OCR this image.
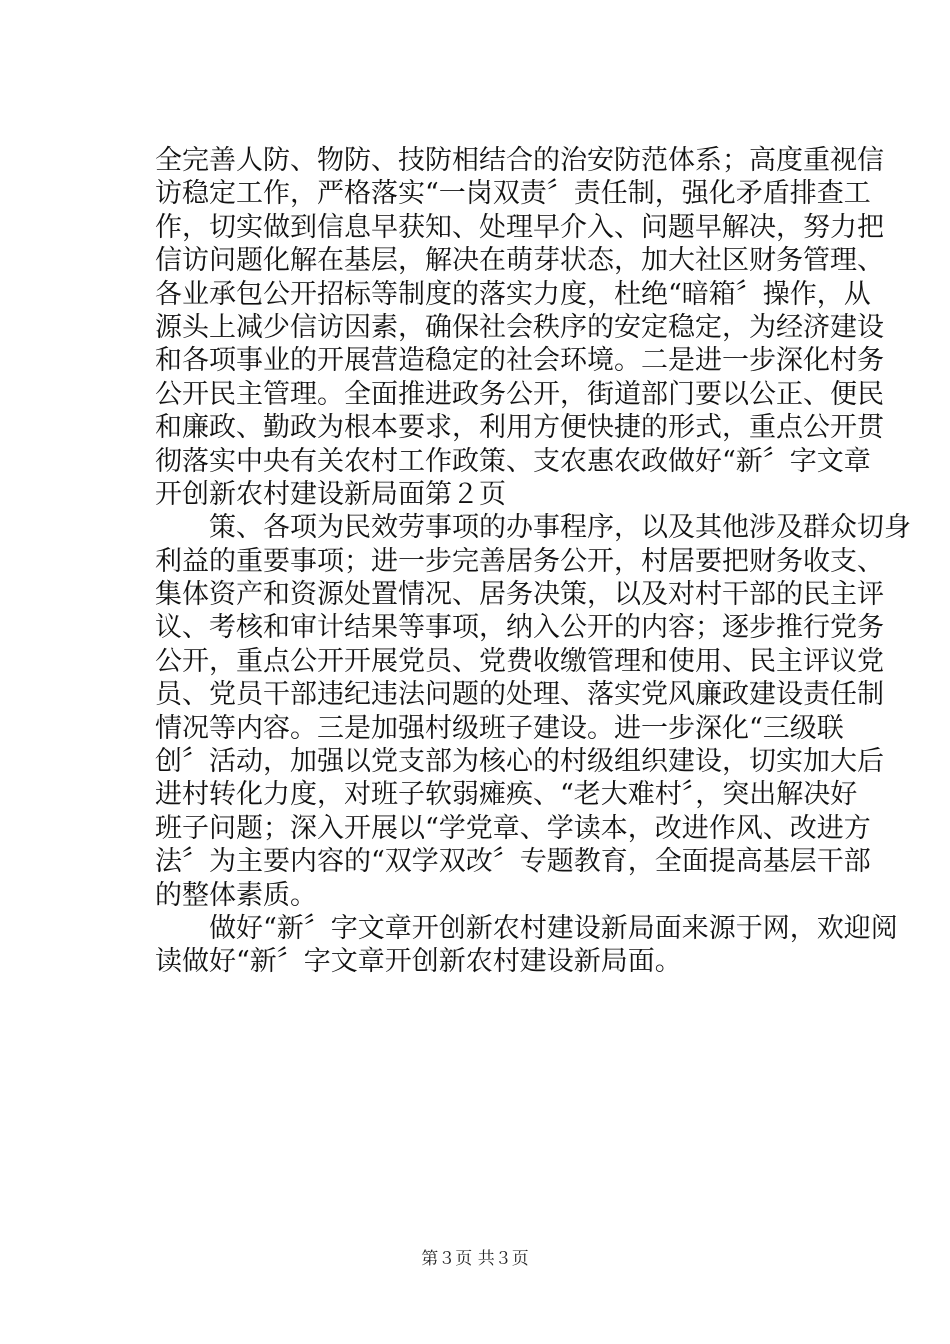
全完善人防、物防、技防相结合的治安防范体系；高度重视信
访稳定工作，严格落实“一岗双责〞责任制，强化矛盾排查工
作，切实做到信息早获知、处理早介入、问题早解决，努力把
信访问题化解在基层，解决在萌芽状态，加大社区财务管理、
各业承包公开招标等制度的落实力度，杜绝“暗箱〞操作，从
源头上减少信访因素，确保社会秩序的安定稳定，为经济建设
和各项事业的开展营造稳定的社会环境。二是进一步深化村务
公开民主管理。全面推进政务公开，街道部门要以公正、便民
和廉政、勤政为根本要求，利用方便快捷的形式，重点公开贯
彻落实中央有关农村工作政策、支农惠农政做好“新〞字文章
开创新农村建设新局面第２页
策、各项为民效劳事项的办事程序，以及其他涉及群众切身
利益的重要事项；进一步完善居务公开，村居要把财务收支、
集体资产和资源处置情况、居务决策，以及对村干部的民主评
议、考核和审计结果等事项，纳入公开的内容；逐步推行党务
公开，重点公开开展党员、党费收缴管理和使用、民主评议党
员、党员干部违纪违法问题的处理、落实党风廉政建设责任制
情况等内容。三是加强村级班子建设。进一步深化“三级联
创〞活动，加强以党支部为核心的村级组织建设，切实加大后
进村转化力度，对班子软弱瘫痪、“老大难村〞，突出解决好
班子问题；深入开展以“学党章、学读本，改进作风、改进方
法〞为主要内容的“双学双改〞专题教育，全面提高基层干部
的整体素质。
做好“新〞字文章开创新农村建设新局面来源于网，欢迎阅
读做好“新〞字文章开创新农村建设新局面。
第３页 共３页
